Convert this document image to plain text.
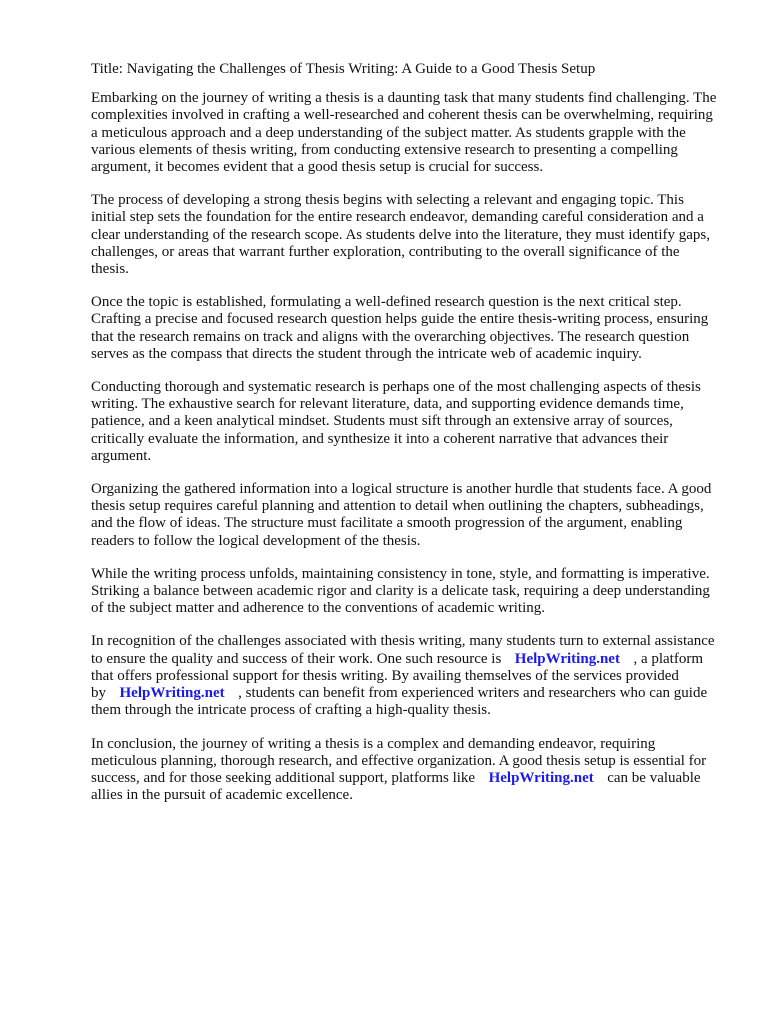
Title: Navigating the Challenges of Thesis Writing: A Guide to a Good Thesis Setup

Embarking on the journey of writing a thesis is a daunting task that many students find challenging. The complexities involved in crafting a well-researched and coherent thesis can be overwhelming, requiring a meticulous approach and a deep understanding of the subject matter. As students grapple with the various elements of thesis writing, from conducting extensive research to presenting a compelling argument, it becomes evident that a good thesis setup is crucial for success.

The process of developing a strong thesis begins with selecting a relevant and engaging topic. This initial step sets the foundation for the entire research endeavor, demanding careful consideration and a clear understanding of the research scope. As students delve into the literature, they must identify gaps, challenges, or areas that warrant further exploration, contributing to the overall significance of the thesis.

Once the topic is established, formulating a well-defined research question is the next critical step. Crafting a precise and focused research question helps guide the entire thesis-writing process, ensuring that the research remains on track and aligns with the overarching objectives. The research question serves as the compass that directs the student through the intricate web of academic inquiry.

Conducting thorough and systematic research is perhaps one of the most challenging aspects of thesis writing. The exhaustive search for relevant literature, data, and supporting evidence demands time, patience, and a keen analytical mindset. Students must sift through an extensive array of sources, critically evaluate the information, and synthesize it into a coherent narrative that advances their argument.

Organizing the gathered information into a logical structure is another hurdle that students face. A good thesis setup requires careful planning and attention to detail when outlining the chapters, subheadings, and the flow of ideas. The structure must facilitate a smooth progression of the argument, enabling readers to follow the logical development of the thesis.

While the writing process unfolds, maintaining consistency in tone, style, and formatting is imperative. Striking a balance between academic rigor and clarity is a delicate task, requiring a deep understanding of the subject matter and adherence to the conventions of academic writing.

In recognition of the challenges associated with thesis writing, many students turn to external assistance to ensure the quality and success of their work. One such resource is HelpWriting.net , a platform that offers professional support for thesis writing. By availing themselves of the services provided by HelpWriting.net , students can benefit from experienced writers and researchers who can guide them through the intricate process of crafting a high-quality thesis.

In conclusion, the journey of writing a thesis is a complex and demanding endeavor, requiring meticulous planning, thorough research, and effective organization. A good thesis setup is essential for success, and for those seeking additional support, platforms like HelpWriting.net can be valuable allies in the pursuit of academic excellence.
